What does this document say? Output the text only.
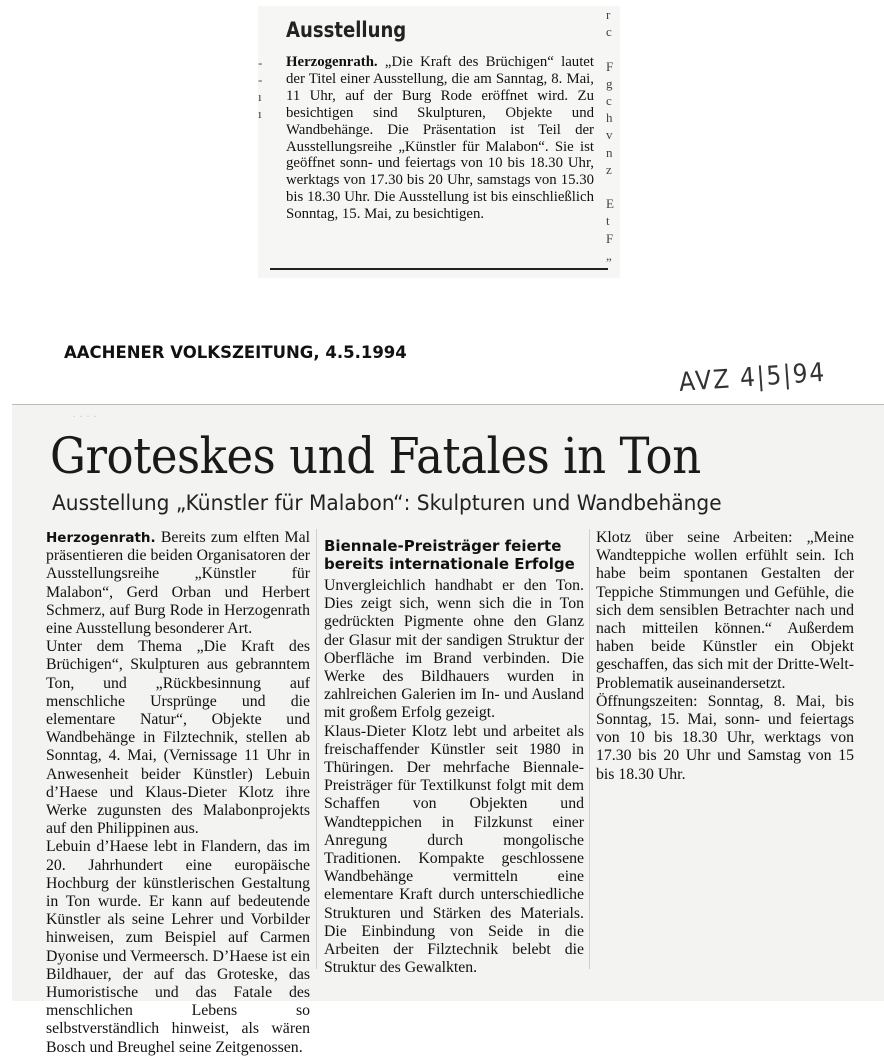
-
-
ı
ı
r
c

F
g
c
h
v
n
z

E
t
F
„
Ausstellung
Herzogenrath. „Die Kraft des Brüchigen“ lautet der Titel einer Ausstellung, die am Sanntag, 8. Mai, 11 Uhr, auf der Burg Rode eröffnet wird. Zu besichtigen sind Skulpturen, Objekte und Wandbehänge. Die Präsentation ist Teil der Ausstellungsreihe „Künstler für Malabon“. Sie ist geöffnet sonn- und feiertags von 10 bis 18.30 Uhr, werktags von 17.30 bis 20 Uhr, samstags von 15.30 bis 18.30 Uhr. Die Ausstellung ist bis einschließlich Sonntag, 15. Mai, zu besichtigen.
AACHENER VOLKSZEITUNG, 4.5.1994
AVZ 4|5|94
· · · ·
Groteskes und Fatales in Ton
Ausstellung „Künstler für Malabon“: Skulpturen und Wandbehänge

Herzogenrath. Bereits zum elften Mal präsentieren die beiden Organisatoren der Ausstellungsreihe „Künstler für Malabon“, Gerd Orban und Herbert Schmerz, auf Burg Rode in Herzogenrath eine Ausstellung besonderer Art.

Unter dem Thema „Die Kraft des Brüchigen“, Skulpturen aus gebranntem Ton, und „Rückbesinnung auf menschliche Ursprünge und die elementare Natur“, Objekte und Wandbehänge in Filztechnik, stellen ab Sonntag, 4. Mai, (Vernissage 11 Uhr in Anwesenheit beider Künstler) Lebuin d’Haese und Klaus-Dieter Klotz ihre Werke zugunsten des Malabonprojekts auf den Philippinen aus.

Lebuin d’Haese lebt in Flandern, das im 20. Jahrhundert eine europäische Hochburg der künstlerischen Gestaltung in Ton wurde. Er kann auf bedeutende Künstler als seine Lehrer und Vorbilder hinweisen, zum Beispiel auf Carmen Dyonise und Vermeersch. D’Haese ist ein Bildhauer, der auf das Groteske, das Humoristische und das Fatale des menschlichen Lebens so selbstverständlich hinweist, als wären Bosch und Breughel seine Zeitgenossen.

Biennale-Preisträger feierte bereits internationale Erfolge

Unvergleichlich handhabt er den Ton. Dies zeigt sich, wenn sich die in Ton gedrückten Pigmente ohne den Glanz der Glasur mit der sandigen Struktur der Oberfläche im Brand verbinden. Die Werke des Bildhauers wurden in zahlreichen Galerien im In- und Ausland mit großem Erfolg gezeigt.

Klaus-Dieter Klotz lebt und arbeitet als freischaffender Künstler seit 1980 in Thüringen. Der mehrfache Biennale-Preisträger für Textilkunst folgt mit dem Schaffen von Objekten und Wandteppichen in Filzkunst einer Anregung durch mongolische Traditionen. Kompakte geschlossene Wandbehänge vermitteln eine elementare Kraft durch unterschiedliche Strukturen und Stärken des Materials. Die Einbindung von Seide in die Arbeiten der Filztechnik belebt die Struktur des Gewalkten.

Klotz über seine Arbeiten: „Meine Wandteppiche wollen erfühlt sein. Ich habe beim spontanen Gestalten der Teppiche Stimmungen und Gefühle, die sich dem sensiblen Betrachter nach und nach mitteilen können.“ Außerdem haben beide Künstler ein Objekt geschaffen, das sich mit der Dritte-Welt-Problematik auseinandersetzt.

Öffnungszeiten: Sonntag, 8. Mai, bis Sonntag, 15. Mai, sonn- und feiertags von 10 bis 18.30 Uhr, werktags von 17.30 bis 20 Uhr und Samstag von 15 bis 18.30 Uhr.
